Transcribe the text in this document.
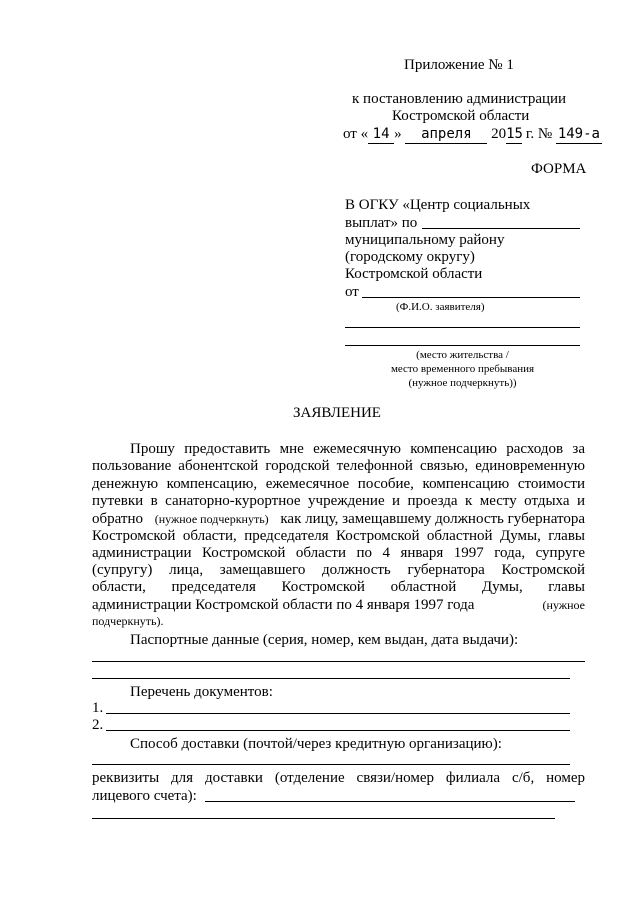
Приложение № 1
к постановлению администрации
Костромской области
от « 14 » апреля 2015 г. № 149-а
ФОРМА
В ОГКУ «Центр социальных
выплат» по
муниципальному району
(городскому округу)
Костромской области
от
(Ф.И.О. заявителя)
(место жительства /
место временного пребывания
(нужное подчеркнуть))
ЗАЯВЛЕНИЕ
Прошу предоставить мне ежемесячную компенсацию расходов за
пользование абонентской городской телефонной связью, единовременную
денежную компенсацию, ежемесячное пособие, компенсацию стоимости
путевки в санаторно-курортное учреждение и проезда к месту отдыха и
обратно (нужное подчеркнуть) как лицу, замещавшему должность губернатора
Костромской области, председателя Костромской областной Думы, главы
администрации Костромской области по 4 января 1997 года, супруге
(супругу) лица, замещавшего должность губернатора Костромской
области, председателя Костромской областной Думы, главы
администрации Костромской области по 4 января 1997 года	(нужное
подчеркнуть).
Паспортные данные (серия, номер, кем выдан, дата выдачи):
Перечень документов:
1.
2.
Способ доставки (почтой/через кредитную организацию):
реквизиты для доставки (отделение связи/номер филиала с/б, номер
лицевого счета):
